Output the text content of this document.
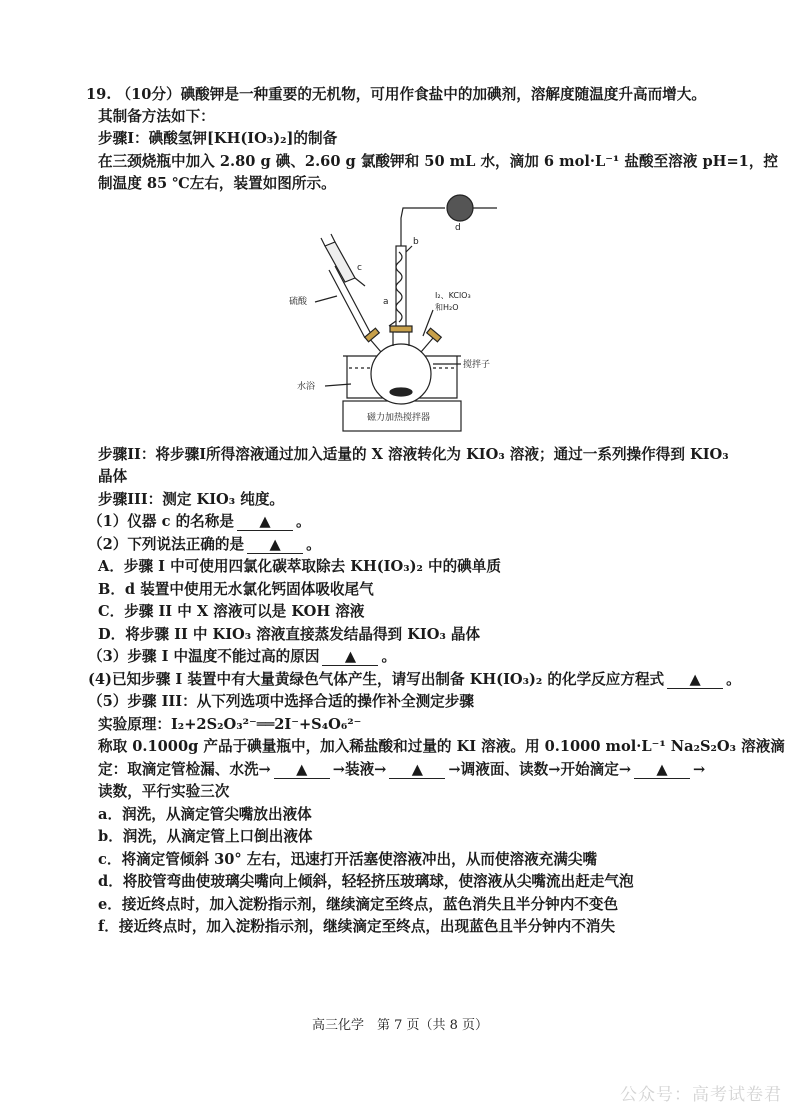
19. （10分）碘酸钾是一种重要的无机物，可用作食盐中的加碘剂，溶解度随温度升高而增大。
其制备方法如下：
步骤I：碘酸氢钾[KH(IO₃)₂]的制备
在三颈烧瓶中加入 2.80 g 碘、2.60 g 氯酸钾和 50 mL 水，滴加 6 mol·L⁻¹ 盐酸至溶液 pH=1，控
制温度 85 ℃左右，装置如图所示。
c
b
a
d
硫酸
I₂、KClO₃
和H₂O
搅拌子
水浴
磁力加热搅拌器
步骤II：将步骤I所得溶液通过加入适量的 X 溶液转化为 KIO₃ 溶液；通过一系列操作得到 KIO₃
晶体
步骤III：测定 KIO₃ 纯度。
（1）仪器 c 的名称是 ▲ 。
（2）下列说法正确的是 ▲ 。
A．步骤 I 中可使用四氯化碳萃取除去 KH(IO₃)₂ 中的碘单质
B．d 装置中使用无水氯化钙固体吸收尾气
C．步骤 II 中 X 溶液可以是 KOH 溶液
D．将步骤 II 中 KIO₃ 溶液直接蒸发结晶得到 KIO₃ 晶体
（3）步骤 I 中温度不能过高的原因 ▲ 。
(4)已知步骤 I 装置中有大量黄绿色气体产生，请写出制备 KH(IO₃)₂ 的化学反应方程式 ▲ 。
（5）步骤 III：从下列选项中选择合适的操作补全测定步骤
实验原理：I₂+2S₂O₃²⁻══2I⁻+S₄O₆²⁻
称取 0.1000g 产品于碘量瓶中，加入稀盐酸和过量的 KI 溶液。用 0.1000 mol·L⁻¹ Na₂S₂O₃ 溶液滴
定：取滴定管检漏、水洗→ ▲ →装液→ ▲ →调液面、读数→开始滴定→ ▲ →
读数，平行实验三次
a．润洗，从滴定管尖嘴放出液体
b．润洗，从滴定管上口倒出液体
c．将滴定管倾斜 30° 左右，迅速打开活塞使溶液冲出，从而使溶液充满尖嘴
d．将胶管弯曲使玻璃尖嘴向上倾斜，轻轻挤压玻璃球，使溶液从尖嘴流出赶走气泡
e．接近终点时，加入淀粉指示剂，继续滴定至终点，蓝色消失且半分钟内不变色
f．接近终点时，加入淀粉指示剂，继续滴定至终点，出现蓝色且半分钟内不消失
高三化学　第 7 页（共 8 页）
公众号：高考试卷君
